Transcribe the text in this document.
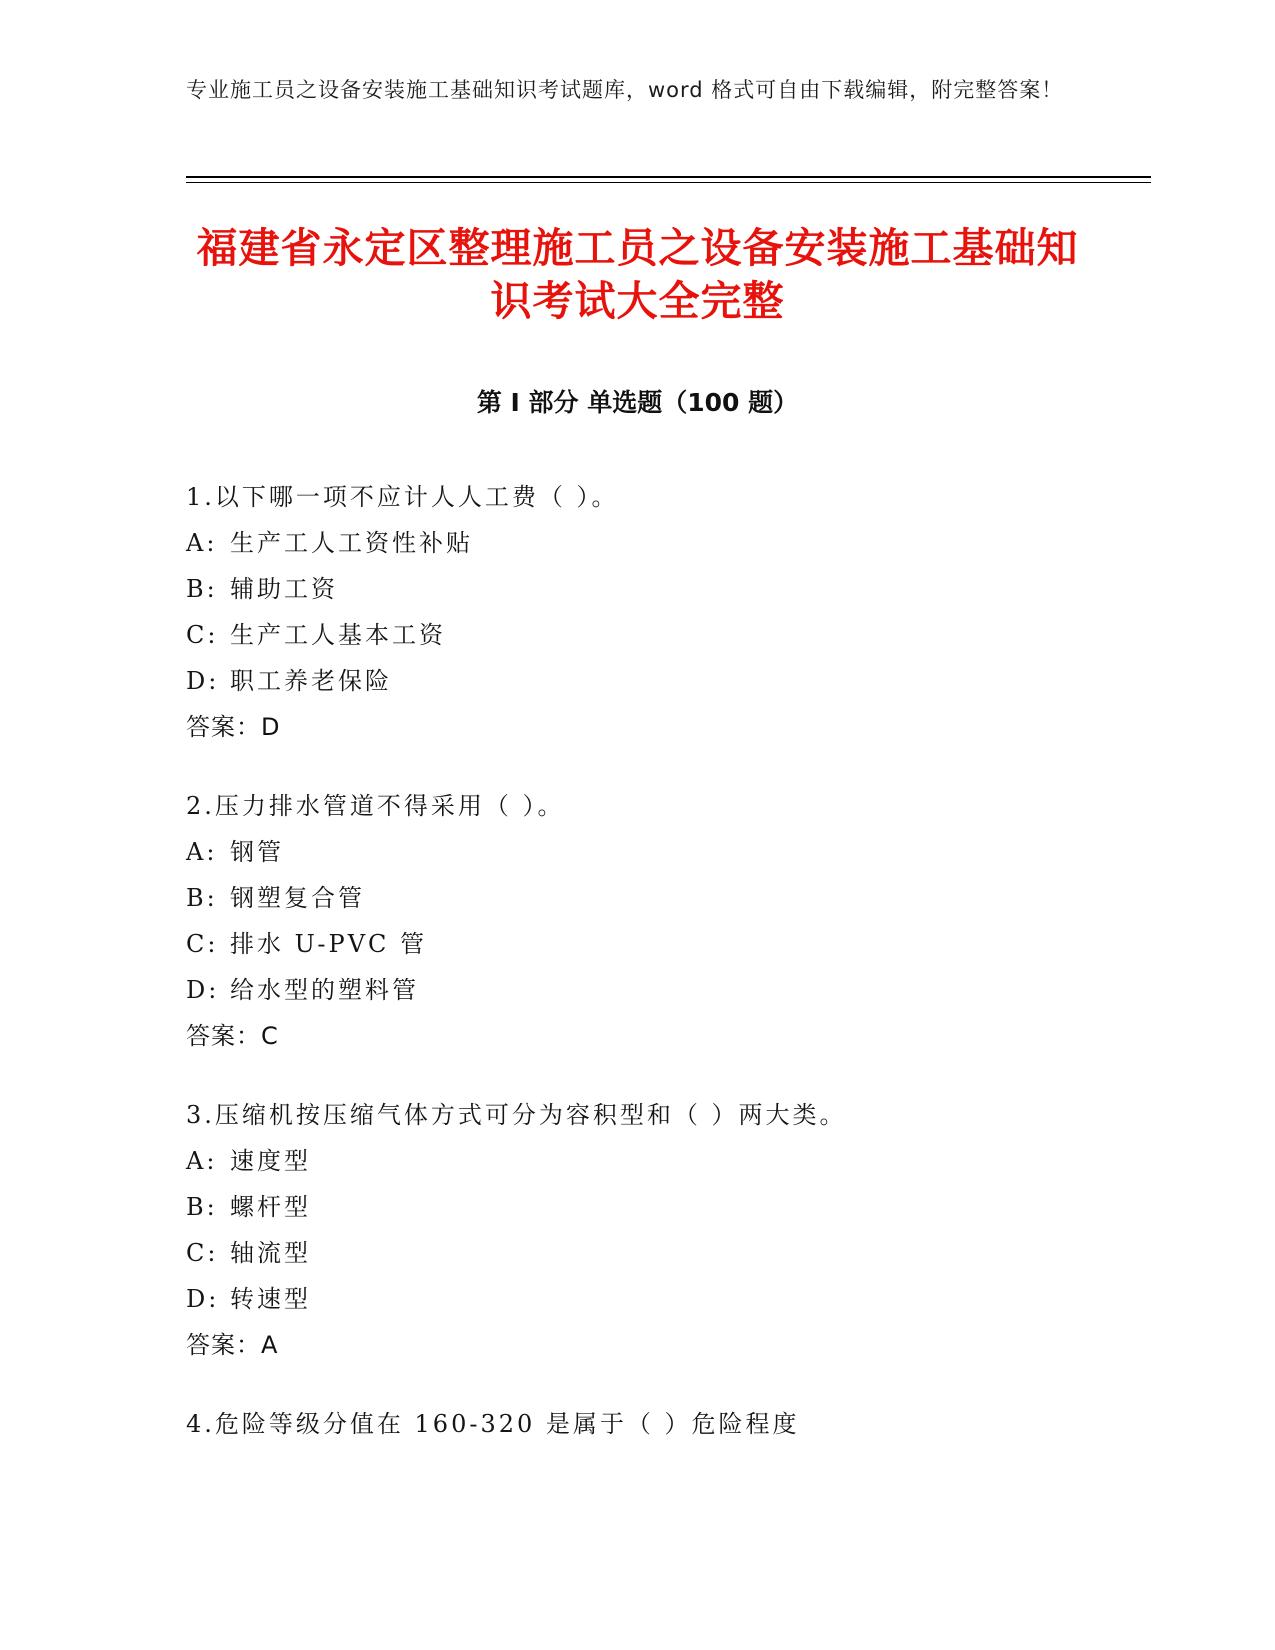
专业施工员之设备安装施工基础知识考试题库，word 格式可自由下载编辑，附完整答案！
福建省永定区整理施工员之设备安装施工基础知识考试大全完整
第 I 部分 单选题（100 题）
1.以下哪一项不应计人人工费（ ）。
A: 生产工人工资性补贴
B: 辅助工资
C: 生产工人基本工资
D: 职工养老保险
答案：D
2.压力排水管道不得采用（ ）。
A: 钢管
B: 钢塑复合管
C: 排水 U-PVC 管
D: 给水型的塑料管
答案：C
3.压缩机按压缩气体方式可分为容积型和（ ）两大类。
A: 速度型
B: 螺杆型
C: 轴流型
D: 转速型
答案：A
4.危险等级分值在 160-320 是属于（ ）危险程度
